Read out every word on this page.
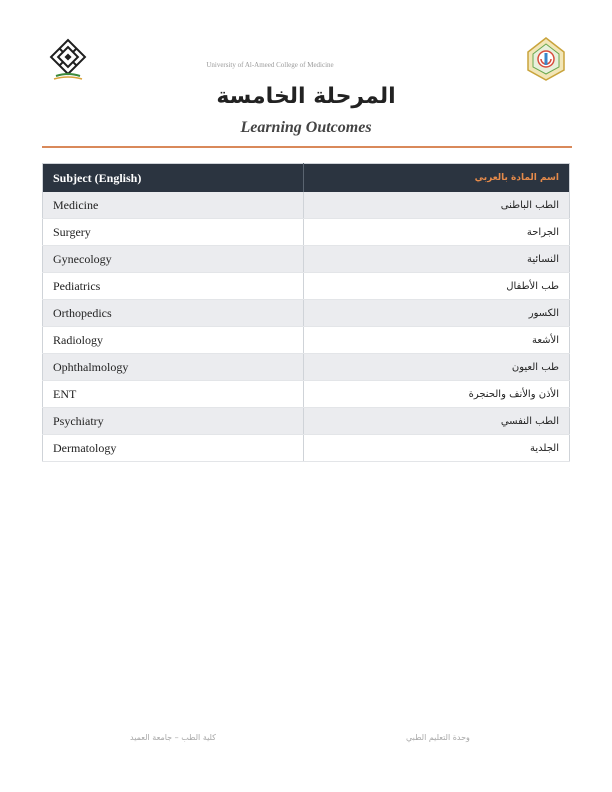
University of Al-Ameed College of Medicine
المرحلة الخامسة
Learning Outcomes
Subject (English)	اسم المادة بالعربي
Medicine	الطب الباطنى
Surgery	الجراحة
Gynecology	النسائية
Pediatrics	طب الأطفال
Orthopedics	الكسور
Radiology	الأشعة
Ophthalmology	طب العيون
ENT	الأذن والأنف والحنجرة
Psychiatry	الطب النفسي
Dermatology	الجلدية
كلية الطب – جامعة العميد	وحدة التعليم الطبي
